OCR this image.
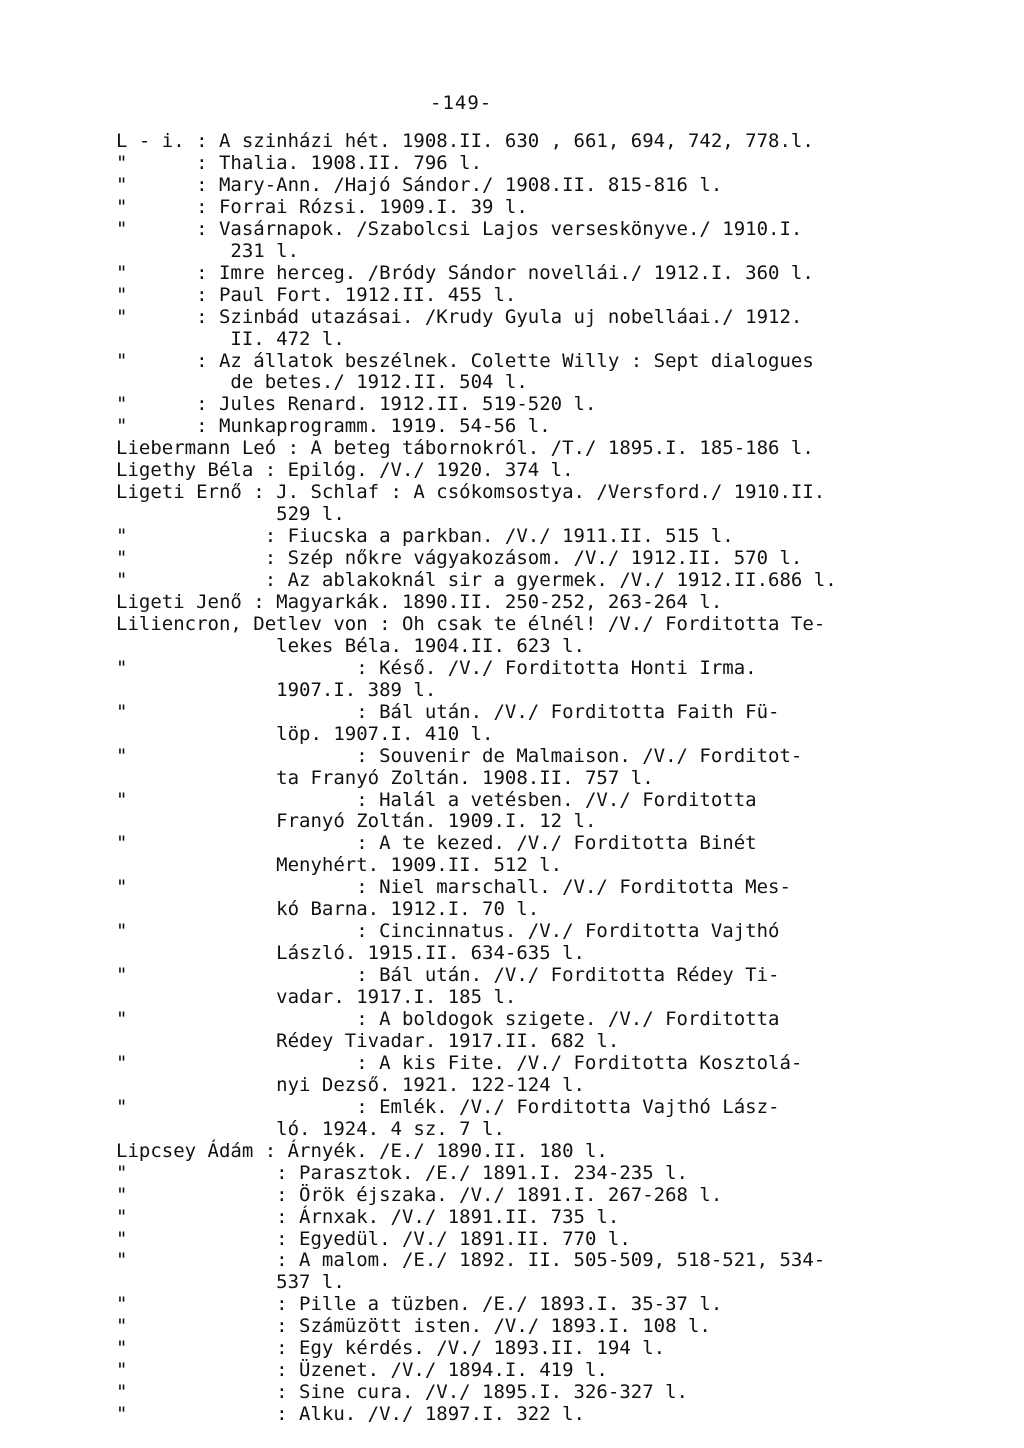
-149-
L - i. : A szinházi hét. 1908.II. 630 , 661, 694, 742, 778.l.
"      : Thalia. 1908.II. 796 l.
"      : Mary-Ann. /Hajó Sándor./ 1908.II. 815-816 l.
"      : Forrai Rózsi. 1909.I. 39 l.
"      : Vasárnapok. /Szabolcsi Lajos verseskönyve./ 1910.I.
231 l.
"      : Imre herceg. /Bródy Sándor novellái./ 1912.I. 360 l.
"      : Paul Fort. 1912.II. 455 l.
"      : Szinbád utazásai. /Krudy Gyula uj nobelláai./ 1912.
II. 472 l.
"      : Az állatok beszélnek. Colette Willy : Sept dialogues
de betes./ 1912.II. 504 l.
"      : Jules Renard. 1912.II. 519-520 l.
"      : Munkaprogramm. 1919. 54-56 l.
Liebermann Leó : A beteg tábornokról. /T./ 1895.I. 185-186 l.
Ligethy Béla : Epilóg. /V./ 1920. 374 l.
Ligeti Ernő : J. Schlaf : A csókomsostya. /Versford./ 1910.II.
529 l.
"            : Fiucska a parkban. /V./ 1911.II. 515 l.
"            : Szép nőkre vágyakozásom. /V./ 1912.II. 570 l.
"            : Az ablakoknál sir a gyermek. /V./ 1912.II.686 l.
Ligeti Jenő : Magyarkák. 1890.II. 250-252, 263-264 l.
Liliencron, Detlev von : Oh csak te élnél! /V./ Forditotta Te-
lekes Béla. 1904.II. 623 l.
"                    : Késő. /V./ Forditotta Honti Irma.
1907.I. 389 l.
"                    : Bál után. /V./ Forditotta Faith Fü-
löp. 1907.I. 410 l.
"                    : Souvenir de Malmaison. /V./ Forditot-
ta Franyó Zoltán. 1908.II. 757 l.
"                    : Halál a vetésben. /V./ Forditotta
Franyó Zoltán. 1909.I. 12 l.
"                    : A te kezed. /V./ Forditotta Binét
Menyhért. 1909.II. 512 l.
"                    : Niel marschall. /V./ Forditotta Mes-
kó Barna. 1912.I. 70 l.
"                    : Cincinnatus. /V./ Forditotta Vajthó
László. 1915.II. 634-635 l.
"                    : Bál után. /V./ Forditotta Rédey Ti-
vadar. 1917.I. 185 l.
"                    : A boldogok szigete. /V./ Forditotta
Rédey Tivadar. 1917.II. 682 l.
"                    : A kis Fite. /V./ Forditotta Kosztolá-
nyi Dezső. 1921. 122-124 l.
"                    : Emlék. /V./ Forditotta Vajthó Lász-
ló. 1924. 4 sz. 7 l.
Lipcsey Ádám : Árnyék. /E./ 1890.II. 180 l.
"             : Parasztok. /E./ 1891.I. 234-235 l.
"             : Örök éjszaka. /V./ 1891.I. 267-268 l.
"             : Árnxak. /V./ 1891.II. 735 l.
"             : Egyedül. /V./ 1891.II. 770 l.
"             : A malom. /E./ 1892. II. 505-509, 518-521, 534-
537 l.
"             : Pille a tüzben. /E./ 1893.I. 35-37 l.
"             : Számüzött isten. /V./ 1893.I. 108 l.
"             : Egy kérdés. /V./ 1893.II. 194 l.
"             : Üzenet. /V./ 1894.I. 419 l.
"             : Sine cura. /V./ 1895.I. 326-327 l.
"             : Alku. /V./ 1897.I. 322 l.
